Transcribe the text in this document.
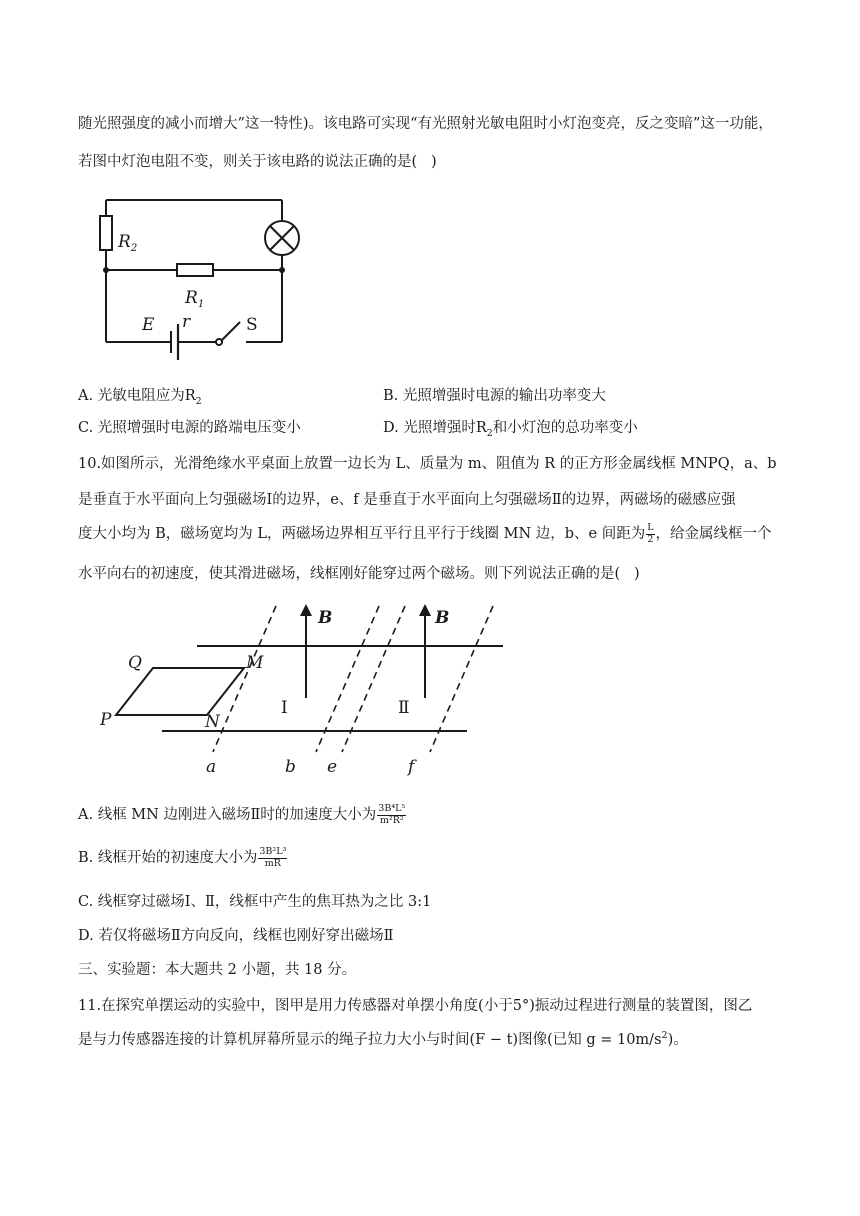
随光照强度的减小而增大”这一特性)。该电路可实现“有光照射光敏电阻时小灯泡变亮，反之变暗”这一功能，
若图中灯泡电阻不变，则关于该电路的说法正确的是(   )
$R_2$
$R_1$
E r	S
A. 光敏电阻应为$R_2$	B. 光照增强时电源的输出功率变大
C. 光照增强时电源的路端电压变小	D. 光照增强时$R_2$和小灯泡的总功率变小
10.如图所示，光滑绝缘水平桌面上放置一边长为 L、质量为 m、阻值为 R 的正方形金属线框 MNPQ，a、b
是垂直于水平面向上匀强磁场Ⅰ的边界，e、f 是垂直于水平面向上匀强磁场Ⅱ的边界，两磁场的磁感应强
度大小均为 B，磁场宽均为 L，两磁场边界相互平行且平行于线圈 MN 边，b、e 间距为 $\frac{L}{2}$ ，给金属线框一个
水平向右的初速度，使其滑进磁场，线框刚好能穿过两个磁场。则下列说法正确的是(   )
B	B
Q	M
P	N
Ⅰ	Ⅱ
a	b e	f
A. 线框 MN 边刚进入磁场Ⅱ时的加速度大小为 $\frac{\text{3B⁴L⁵}}{\text{m²R²}}$
B. 线框开始的初速度大小为 $\frac{\text{3B²L³}}{mR}$
C. 线框穿过磁场Ⅰ、Ⅱ，线框中产生的焦耳热为之比 3:1
D. 若仅将磁场Ⅱ方向反向，线框也刚好穿出磁场Ⅱ
三、实验题：本大题共 2 小题，共 18 分。
11.在探究单摆运动的实验中，图甲是用力传感器对单摆小角度(小于5°)振动过程进行测量的装置图，图乙
是与力传感器连接的计算机屏幕所显示的绳子拉力大小与时间(F − t)图像(已知 $g = 10m/s^2$)。
